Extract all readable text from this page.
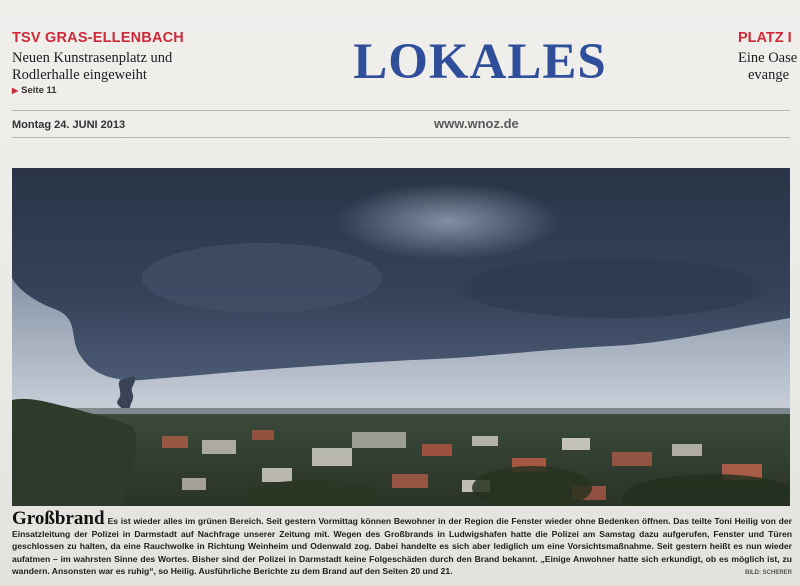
TSV GRAS-ELLENBACH
Neuen Kunstrasenplatz und
Rodlerhalle eingeweiht
▶ Seite 11
LOKALES	PLATZ I
Eine Oase
evange
Montag 24. JUNI 2013	www.wnoz.de
Großbrand Es ist wieder alles im grünen Bereich. Seit gestern Vormittag können Bewohner in der Region die Fenster wieder ohne Bedenken öffnen. Das teilte Toni Heilig von der Einsatzleitung der Polizei in Darmstadt auf Nachfrage unserer Zeitung mit. Wegen des Großbrands in Ludwigshafen hatte die Polizei am Samstag dazu aufgerufen, Fenster und Türen geschlossen zu halten, da eine Rauchwolke in Richtung Weinheim und Odenwald zog. Dabei handelte es sich aber lediglich um eine Vorsichtsmaßnahme. Seit gestern heißt es nun wieder aufatmen – im wahrsten Sinne des Wortes. Bisher sind der Polizei in Darmstadt keine Folgeschäden durch den Brand bekannt. „Einige Anwohner hatte sich erkundigt, ob es möglich ist, zu wandern. Ansonsten war es ruhig“, so Heilig. Ausführliche Berichte zu dem Brand auf den Seiten 20 und 21.	BILD: SCHERER
